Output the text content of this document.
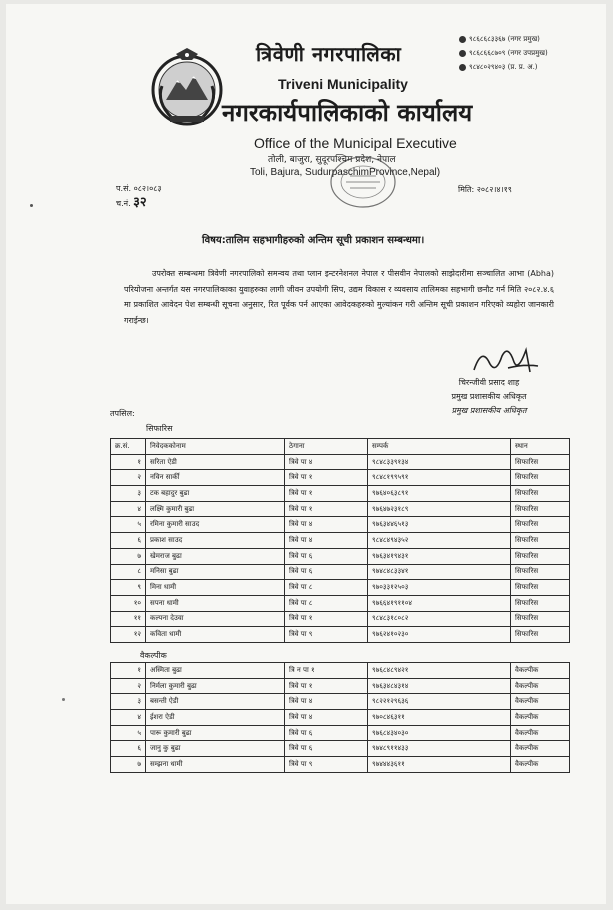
त्रिवेणी नगरपालिका
Triveni Municipality
नगरकार्यपालिकाको कार्यालय
Office of the Municipal Executive
तोली, बाजुरा, सुदूरपश्चिम प्रदेश, नेपाल
Toli, Bajura, SudurpaschimProvince,Nepal)
९८६८६८३३६७ (नगर प्रमुख)
९८६८६६८७०९ (नगर उपप्रमुख)
९८४८०२९४०३ (प्र. प्र. अ.)
प.सं. ०८२।०८३
च.नं. ३२
मिति: २०८२।४।१९
विषय:तालिम सहभागीहरुको अन्तिम सूची प्रकाशन सम्बन्धमा।
उपरोक्त सम्बन्धमा त्रिवेणी नगरपालिको समन्वय तथा प्लान इन्टरनेशनल नेपाल र पीसवीन नेपालको साझेदारीमा सञ्चालित आभा (Abha) परियोजना अन्तर्गत यस नगरपालिकाका युवाहरुका लागी जीवन उपयोगी सिप, उद्यम विकास र व्यवसाय तालिमका सहभागी छनौट गर्न मिति २०८२.४.६ मा प्रकाशित आवेदन पेश सम्बन्धी सूचना अनुसार, रित पूर्वक पर्न आएका आवेदकहरुको मुल्यांकन गरी अन्तिम सूची प्रकाशन गरिएको व्यहोरा जानकारी गराईन्छ।
चिरन्जीवी प्रसाद शाह
प्रमुख प्रशासकीय अधिकृत
प्रमुख प्रशासकीय अधिकृत
तपसिल:
सिफारिस
क्र.सं.	निवेदककोनाम	ठेगाना	सम्पर्क	स्थान
१	सरिता ऐडी	त्रिवे पा ४	९८४८३३९१३४	सिफारिस
२	नविन सार्की	त्रिवे पा १	९८४८१९९५९१	सिफारिस
३	टक बहादुर बुढा	त्रिवे पा १	९७६४०६३८९१	सिफारिस
४	लक्ष्मि कुमारी बुढा	त्रिवे पा १	९७६४७२३१८९	सिफारिस
५	रमिना कुमारी साउद	त्रिवे पा ४	९७६३४४६५१३	सिफारिस
६	प्रकाश साउद	त्रिवे पा ४	९८४८४९४३५२	सिफारिस
७	खेमराज बुढा	त्रिवे पा ६	९७६३४१९४३१	सिफारिस
८	मनिसा बुढा	त्रिवे पा ६	९७४८४८३३४१	सिफारिस
९	मिना धामी	त्रिवे पा ८	९७०३३१२५०३	सिफारिस
१०	सपना धामी	त्रिवे पा ८	९७६६४१९११०४	सिफारिस
११	कल्पना देउवा	त्रिवे पा १	९८४८३१८०८२	सिफारिस
१२	कविता धामी	त्रिवे पा ९	९७६२४१०२३०	सिफारिस
वैकल्पीक
१	अस्मिता बुढा	त्रि न पा १	९७६८४८९४२१	वैकल्पीक
२	निर्मला कुमारी बुढा	त्रिवे पा १	९७६३४८४३१४	वैकल्पीक
३	बसन्ती ऐडी	त्रिवे पा ४	९८२२१२९६३६	वैकल्पीक
४	ईशरा ऐडी	त्रिवे पा ४	९७०८४६३११	वैकल्पीक
५	पारू कुमारी बुढा	त्रिवे पा ६	९७६८४३४०३०	वैकल्पीक
६	जानु कु बुढा	त्रिवे पा ६	९७४८९११४३३	वैकल्पीक
७	सम्झना धामी	त्रिवे पा ९	९७४४४३६११	वैकल्पीक
